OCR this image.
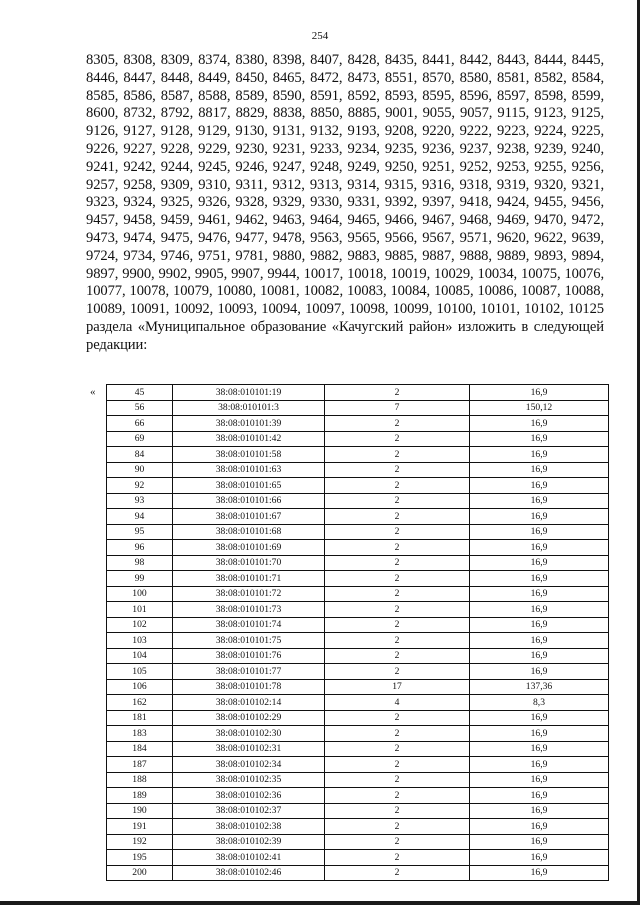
254
8305, 8308, 8309, 8374, 8380, 8398, 8407, 8428, 8435, 8441, 8442, 8443, 8444, 8445, 8446, 8447, 8448, 8449, 8450, 8465, 8472, 8473, 8551, 8570, 8580, 8581, 8582, 8584, 8585, 8586, 8587, 8588, 8589, 8590, 8591, 8592, 8593, 8595, 8596, 8597, 8598, 8599, 8600, 8732, 8792, 8817, 8829, 8838, 8850, 8885, 9001, 9055, 9057, 9115, 9123, 9125, 9126, 9127, 9128, 9129, 9130, 9131, 9132, 9193, 9208, 9220, 9222, 9223, 9224, 9225, 9226, 9227, 9228, 9229, 9230, 9231, 9233, 9234, 9235, 9236, 9237, 9238, 9239, 9240, 9241, 9242, 9244, 9245, 9246, 9247, 9248, 9249, 9250, 9251, 9252, 9253, 9255, 9256, 9257, 9258, 9309, 9310, 9311, 9312, 9313, 9314, 9315, 9316, 9318, 9319, 9320, 9321, 9323, 9324, 9325, 9326, 9328, 9329, 9330, 9331, 9392, 9397, 9418, 9424, 9455, 9456, 9457, 9458, 9459, 9461, 9462, 9463, 9464, 9465, 9466, 9467, 9468, 9469, 9470, 9472, 9473, 9474, 9475, 9476, 9477, 9478, 9563, 9565, 9566, 9567, 9571, 9620, 9622, 9639, 9724, 9734, 9746, 9751, 9781, 9880, 9882, 9883, 9885, 9887, 9888, 9889, 9893, 9894, 9897, 9900, 9902, 9905, 9907, 9944, 10017, 10018, 10019, 10029, 10034, 10075, 10076, 10077, 10078, 10079, 10080, 10081, 10082, 10083, 10084, 10085, 10086, 10087, 10088, 10089, 10091, 10092, 10093, 10094, 10097, 10098, 10099, 10100, 10101, 10102, 10125 раздела «Муниципальное образование «Качугский район» изложить в следующей редакции:
«	45	38:08:010101:19	2	16,9
56	38:08:010101:3	7	150,12
66	38:08:010101:39	2	16,9
69	38:08:010101:42	2	16,9
84	38:08:010101:58	2	16,9
90	38:08:010101:63	2	16,9
92	38:08:010101:65	2	16,9
93	38:08:010101:66	2	16,9
94	38:08:010101:67	2	16,9
95	38:08:010101:68	2	16,9
96	38:08:010101:69	2	16,9
98	38:08:010101:70	2	16,9
99	38:08:010101:71	2	16,9
100	38:08:010101:72	2	16,9
101	38:08:010101:73	2	16,9
102	38:08:010101:74	2	16,9
103	38:08:010101:75	2	16,9
104	38:08:010101:76	2	16,9
105	38:08:010101:77	2	16,9
106	38:08:010101:78	17	137,36
162	38:08:010102:14	4	8,3
181	38:08:010102:29	2	16,9
183	38:08:010102:30	2	16,9
184	38:08:010102:31	2	16,9
187	38:08:010102:34	2	16,9
188	38:08:010102:35	2	16,9
189	38:08:010102:36	2	16,9
190	38:08:010102:37	2	16,9
191	38:08:010102:38	2	16,9
192	38:08:010102:39	2	16,9
195	38:08:010102:41	2	16,9
200	38:08:010102:46	2	16,9
